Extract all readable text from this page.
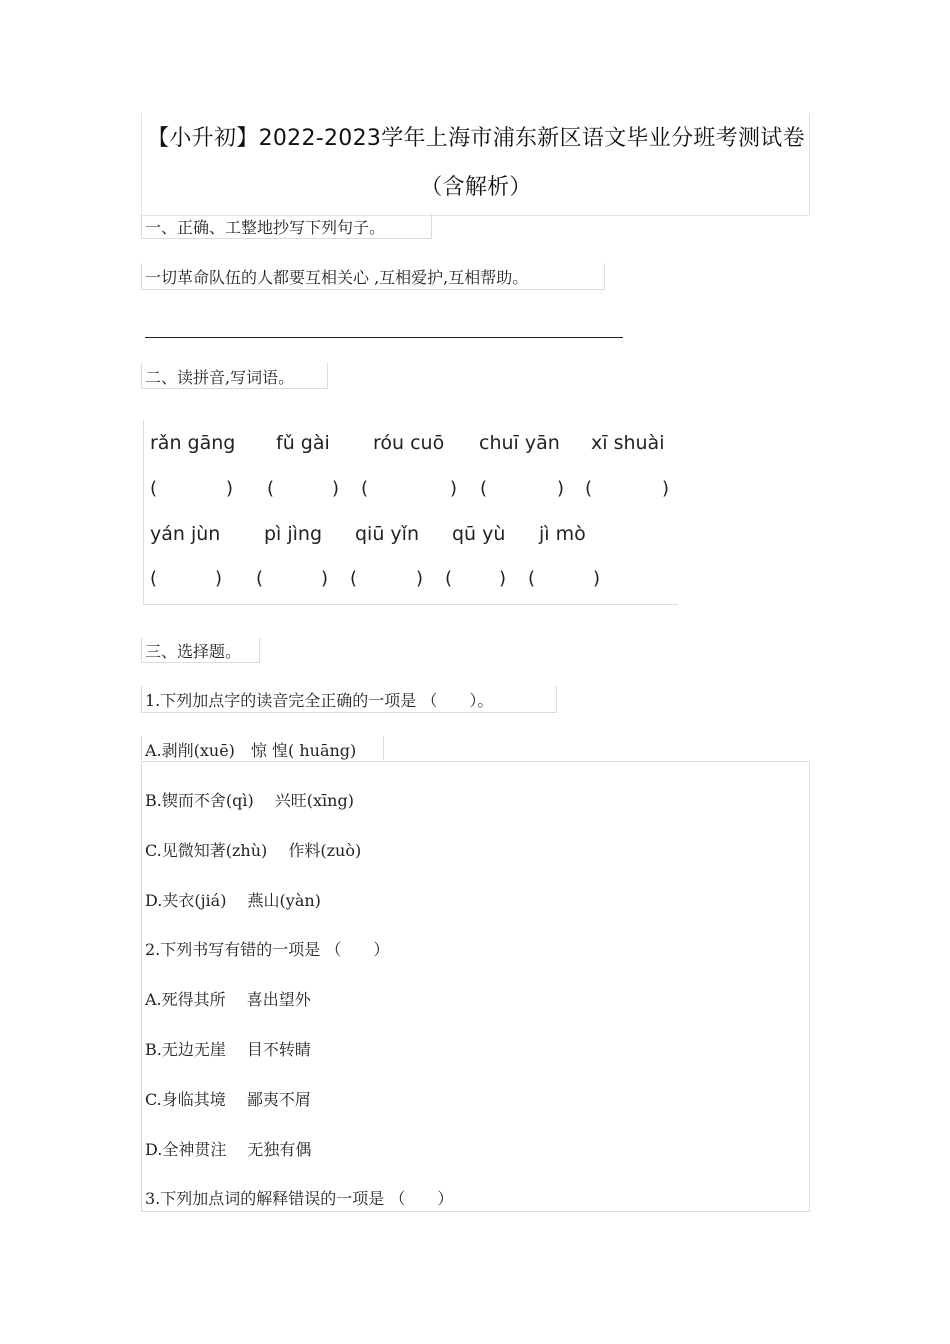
【小升初】2022-2023学年上海市浦东新区语文毕业分班考测试卷
（含解析）
一、正确、工整地抄写下列句子。
一切革命队伍的人都要互相关心 ,互相爱护,互相帮助。
二、读拼音,写词语。
rǎn gāng fǔ gài róu cuō chuī yān xī shuài
(	) (	) (	) (	) (	)
yán jùn pì jìng qiū yǐn qū yù jì mò
(	) (	) (	) (	) (	)
三、选择题。
1.下列加点字的读音完全正确的一项是 （　　）。
A.剥削(xuē)　惊 惶( huāng)
B.锲而不舍(qì)　 兴旺(xīng)
C.见微知著(zhù)　 作料(zuò)
D.夹衣(jiá)　 燕山(yàn)
2.下列书写有错的一项是 （　　）
A.死得其所　 喜出望外
B.无边无崖　 目不转睛
C.身临其境　 鄙夷不屑
D.全神贯注　 无独有偶
3.下列加点词的解释错误的一项是 （　　）
